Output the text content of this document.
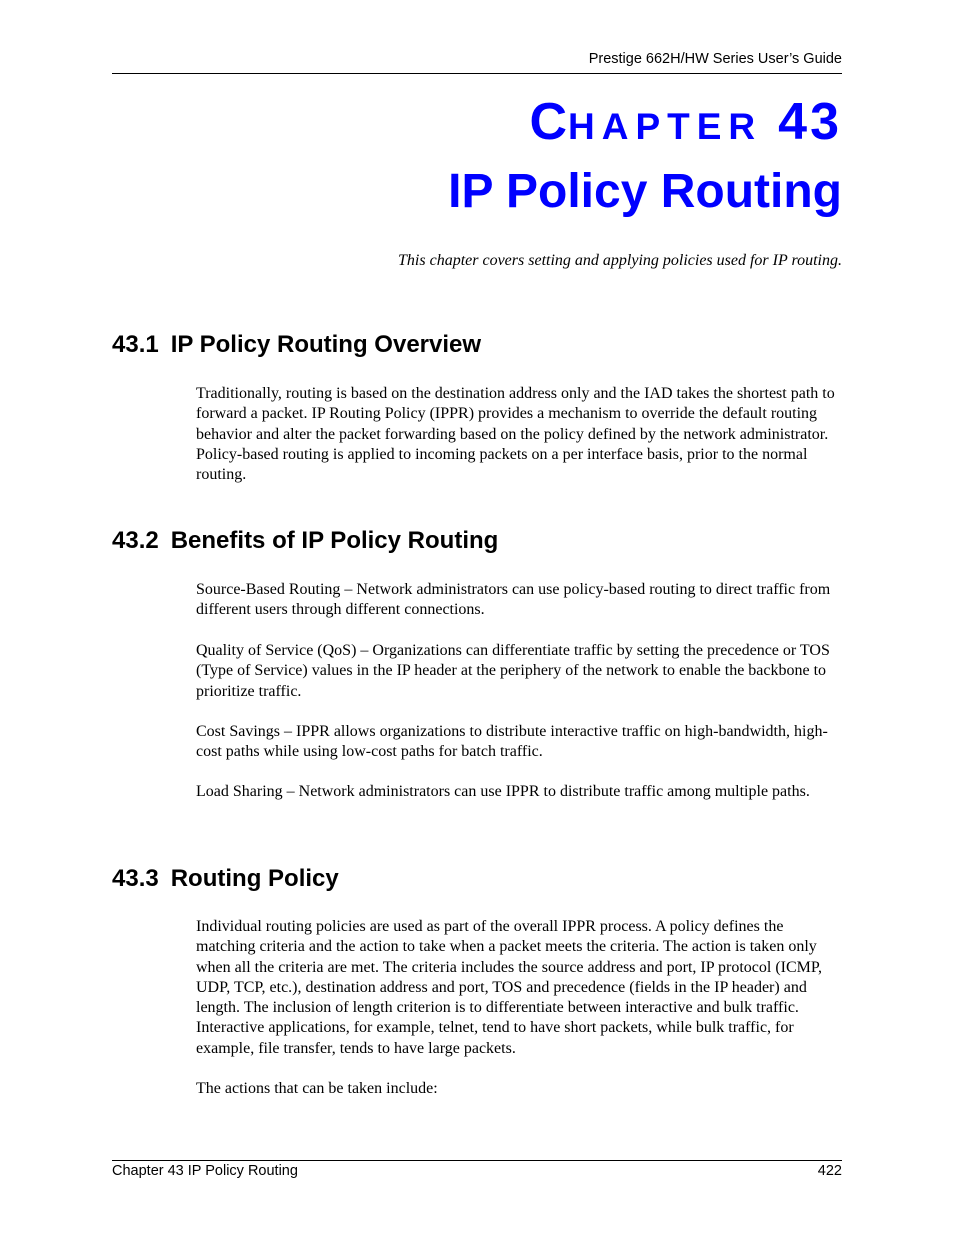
Prestige 662H/HW Series User’s Guide
CHAPTER 43
IP Policy Routing
This chapter covers setting and applying policies used for IP routing.
43.1 IP Policy Routing Overview

Traditionally, routing is based on the destination address only and the IAD takes the shortest path to forward a packet. IP Routing Policy (IPPR) provides a mechanism to override the default routing behavior and alter the packet forwarding based on the policy defined by the network administrator. Policy-based routing is applied to incoming packets on a per interface basis, prior to the normal routing.

43.2 Benefits of IP Policy Routing

Source-Based Routing – Network administrators can use policy-based routing to direct traffic from different users through different connections.

Quality of Service (QoS) – Organizations can differentiate traffic by setting the precedence or TOS (Type of Service) values in the IP header at the periphery of the network to enable the backbone to prioritize traffic.

Cost Savings – IPPR allows organizations to distribute interactive traffic on high-bandwidth, high-cost paths while using low-cost paths for batch traffic.

Load Sharing – Network administrators can use IPPR to distribute traffic among multiple paths.

43.3 Routing Policy

Individual routing policies are used as part of the overall IPPR process. A policy defines the matching criteria and the action to take when a packet meets the criteria. The action is taken only when all the criteria are met. The criteria includes the source address and port, IP protocol (ICMP, UDP, TCP, etc.), destination address and port, TOS and precedence (fields in the IP header) and length. The inclusion of length criterion is to differentiate between interactive and bulk traffic. Interactive applications, for example, telnet, tend to have short packets, while bulk traffic, for example, file transfer, tends to have large packets.

The actions that can be taken include:

Chapter 43 IP Policy Routing	422
